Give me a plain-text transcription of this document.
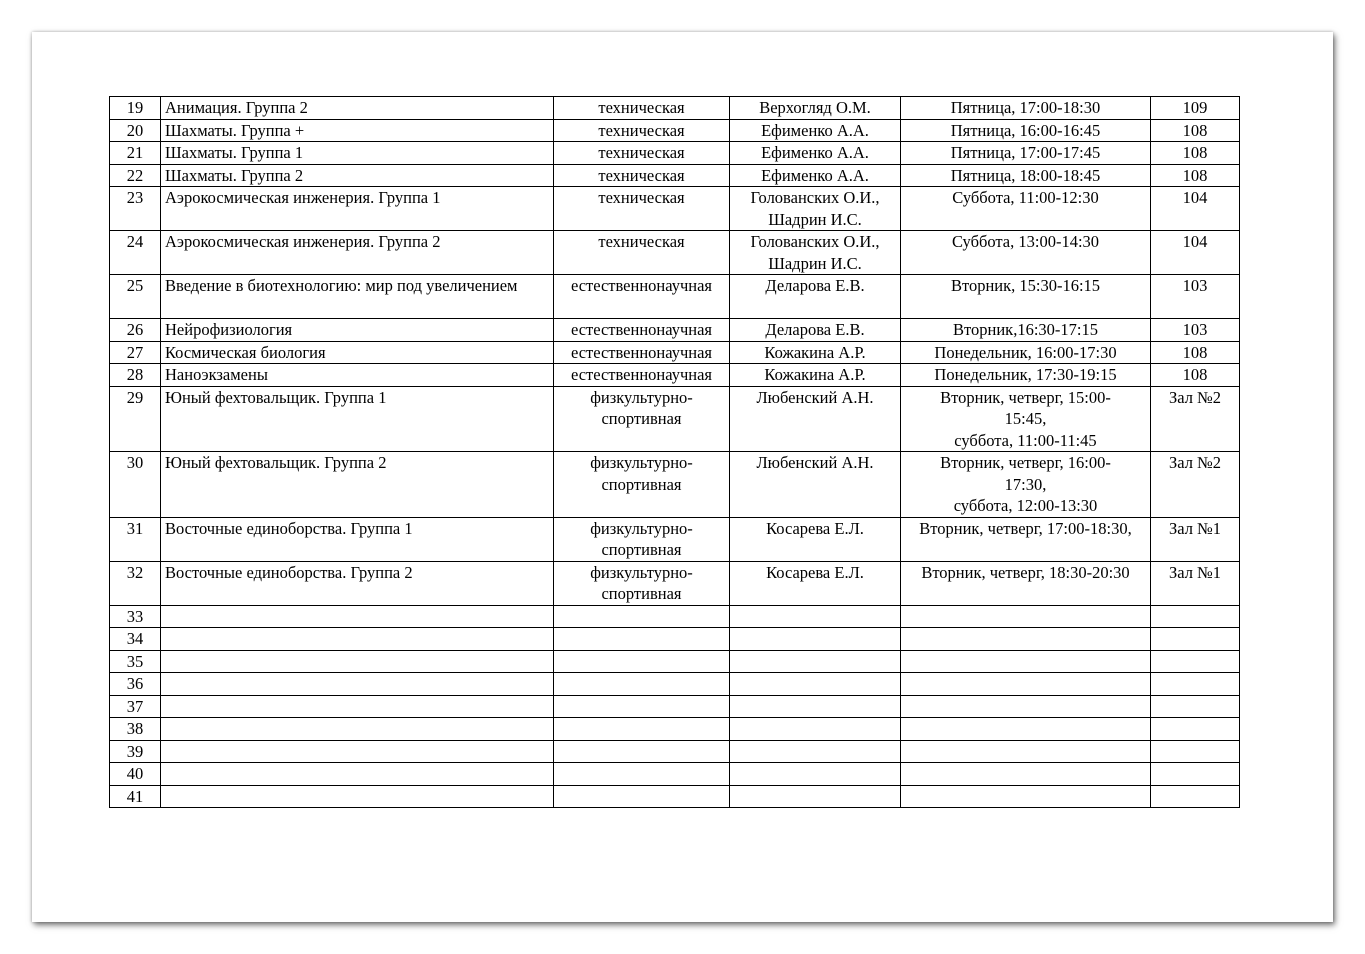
19	Анимация. Группа 2	техническая	Верхогляд О.М.	Пятница, 17:00-18:30	109
20	Шахматы. Группа +	техническая	Ефименко А.А.	Пятница, 16:00-16:45	108
21	Шахматы. Группа 1	техническая	Ефименко А.А.	Пятница, 17:00-17:45	108
22	Шахматы. Группа 2	техническая	Ефименко А.А.	Пятница, 18:00-18:45	108
23	Аэрокосмическая инженерия. Группа 1	техническая	Голованских О.И., Шадрин И.С.	Суббота, 11:00-12:30	104
24	Аэрокосмическая инженерия. Группа 2	техническая	Голованских О.И., Шадрин И.С.	Суббота, 13:00-14:30	104
25	Введение в биотехнологию: мир под увеличением	естественнонаучная	Деларова Е.В.	Вторник, 15:30-16:15	103
26	Нейрофизиология	естественнонаучная	Деларова Е.В.	Вторник,16:30-17:15	103
27	Космическая биология	естественнонаучная	Кожакина А.Р.	Понедельник, 16:00-17:30	108
28	Наноэкзамены	естественнонаучная	Кожакина А.Р.	Понедельник, 17:30-19:15	108
29	Юный фехтовальщик. Группа 1	физкультурно-спортивная	Любенский А.Н.	Вторник, четверг, 15:00-
15:45,
суббота, 11:00-11:45	Зал №2
30	Юный фехтовальщик. Группа 2	физкультурно-спортивная	Любенский А.Н.	Вторник, четверг, 16:00-
17:30,
суббота, 12:00-13:30	Зал №2
31	Восточные единоборства. Группа 1	физкультурно-спортивная	Косарева Е.Л.	Вторник, четверг, 17:00-18:30,	Зал №1
32	Восточные единоборства. Группа 2	физкультурно-спортивная	Косарева Е.Л.	Вторник, четверг, 18:30-20:30	Зал №1
33					
34					
35					
36					
37					
38					
39					
40					
41					
